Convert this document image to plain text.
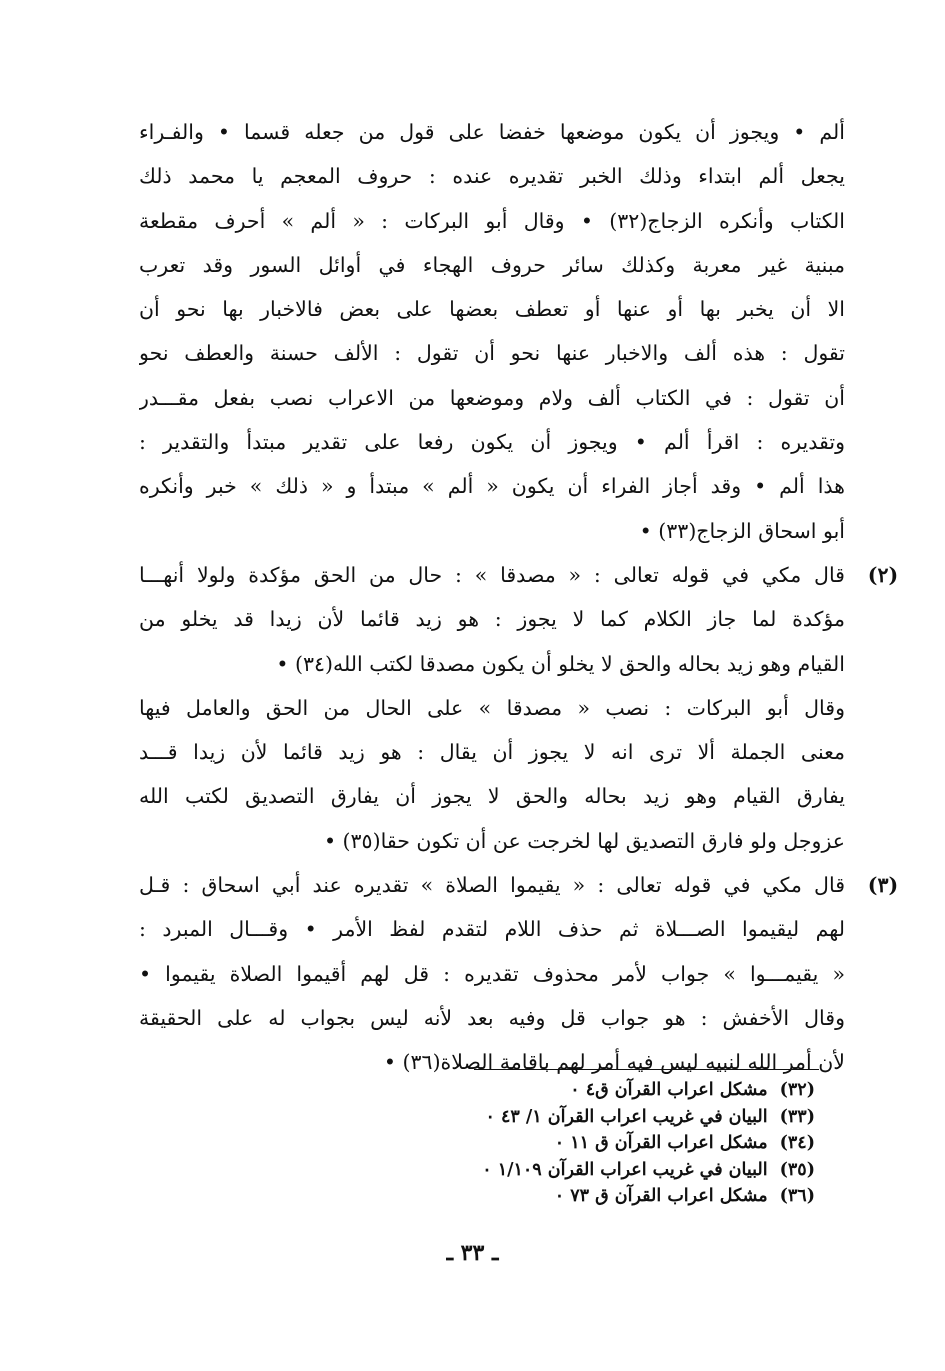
ألم • ويجوز أن يكون موضعها خفضا على قول من جعله قسما • والفـراء
يجعل ألم ابتداء وذلك الخبر تقديره عنده : حروف المعجم يا محمد ذلك
الكتاب وأنكره الزجاج(٣٢) • وقال أبو البركات : « ألم » أحرف مقطعة
مبنية غير معربة وكذلك سائر حروف الهجاء في أوائل السور وقد تعرب
الا أن يخبر بها أو عنها أو تعطف بعضها على بعض فالاخبار بها نحو أن
تقول : هذه ألف والاخبار عنها نحو أن تقول : الألف حسنة والعطف نحو
أن تقول : في الكتاب ألف ولام وموضعها من الاعراب نصب بفعل مقـــدر
وتقديره : اقرأ ألم • ويجوز أن يكون رفعا على تقدير مبتدأ والتقدير :
هذا ألم • وقد أجاز الفراء أن يكون « ألم » مبتدأ و « ذلك » خبر وأنكره
أبو اسحاق الزجاج(٣٣) •
(٢)
قال مكي في قوله تعالى : « مصدقا » : حال من الحق مؤكدة ولولا أنهـــا
مؤكدة لما جاز الكلام كما لا يجوز : هو زيد قائما لأن زيدا قد يخلو من
القيام وهو زيد بحاله والحق لا يخلو أن يكون مصدقا لكتب الله(٣٤) •
وقال أبو البركات : نصب « مصدقا » على الحال من الحق والعامل فيها
معنى الجملة ألا ترى انه لا يجوز أن يقال : هو زيد قائما لأن زيدا قـــد
يفارق القيام وهو زيد بحاله والحق لا يجوز أن يفارق التصديق لكتب الله
عزوجل ولو فارق التصديق لها لخرجت عن أن تكون حقا(٣٥) •
(٣)
قال مكي في قوله تعالى : « يقيموا الصلاة » تقديره عند أبي اسحاق : قـل
لهم ليقيموا الصـــلاة ثم حذف اللام لتقدم لفظ الأمر • وقـــال المبرد :
« يقيمـــوا » جواب لأمر محذوف تقديره : قل لهم أقيموا الصلاة يقيموا •
وقال الأخفش : هو جواب قل وفيه بعد لأنه ليس بجواب له على الحقيقة
لأن أمر الله لنبيه ليس فيه أمر لهم باقامة الصلاة(٣٦) •
(٣٢)
مشكل اعراب القرآن ق٤ ٠
(٣٣)
البيان في غريب اعراب القرآن ١/ ٤٣ ٠
(٣٤)
مشكل اعراب القرآن ق ١١ ٠
(٣٥)
البيان في غريب اعراب القرآن ١/١٠٩ ٠
(٣٦)
مشكل اعراب القرآن ق ٧٣ ٠
ـ ٣٣ ـ
